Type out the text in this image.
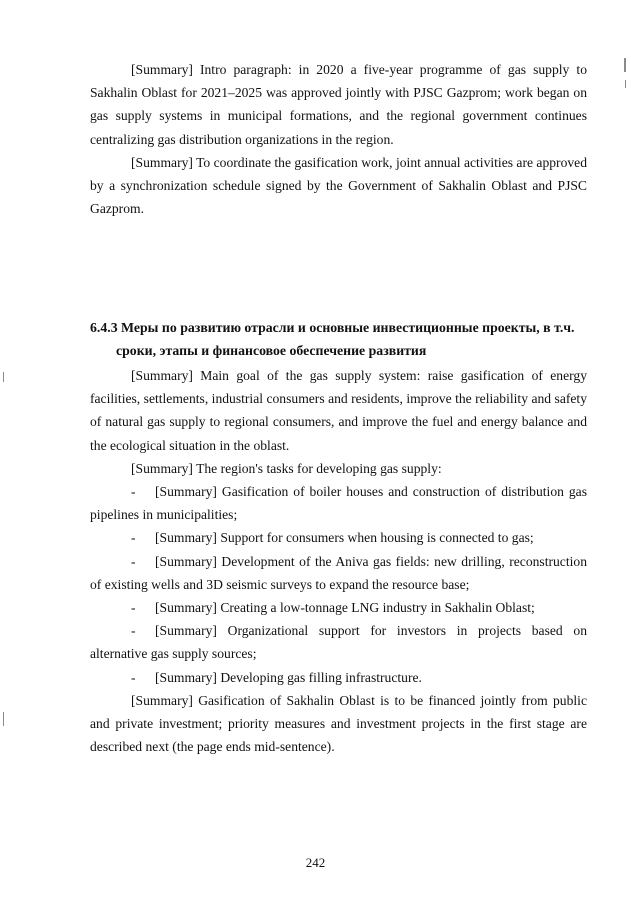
[Summary] Intro paragraph: in 2020 a five-year programme of gas supply to Sakhalin Oblast for 2021–2025 was approved jointly with PJSC Gazprom; work began on gas supply systems in municipal formations, and the regional government continues centralizing gas distribution organizations in the region.

[Summary] To coordinate the gasification work, joint annual activities are approved by a synchronization schedule signed by the Government of Sakhalin Oblast and PJSC Gazprom.

6.4.3 Меры по развитию отрасли и основные инвестиционные проекты, в т.ч.
сроки, этапы и финансовое обеспечение развития

[Summary] Main goal of the gas supply system: raise gasification of energy facilities, settlements, industrial consumers and residents, improve the reliability and safety of natural gas supply to regional consumers, and improve the fuel and energy balance and the ecological situation in the oblast.

[Summary] The region's tasks for developing gas supply:

- [Summary] Gasification of boiler houses and construction of distribution gas pipelines in municipalities;

- [Summary] Support for consumers when housing is connected to gas;

- [Summary] Development of the Aniva gas fields: new drilling, reconstruction of existing wells and 3D seismic surveys to expand the resource base;

- [Summary] Creating a low-tonnage LNG industry in Sakhalin Oblast;

- [Summary] Organizational support for investors in projects based on alternative gas supply sources;

- [Summary] Developing gas filling infrastructure.

[Summary] Gasification of Sakhalin Oblast is to be financed jointly from public and private investment; priority measures and investment projects in the first stage are described next (the page ends mid-sentence).

242
